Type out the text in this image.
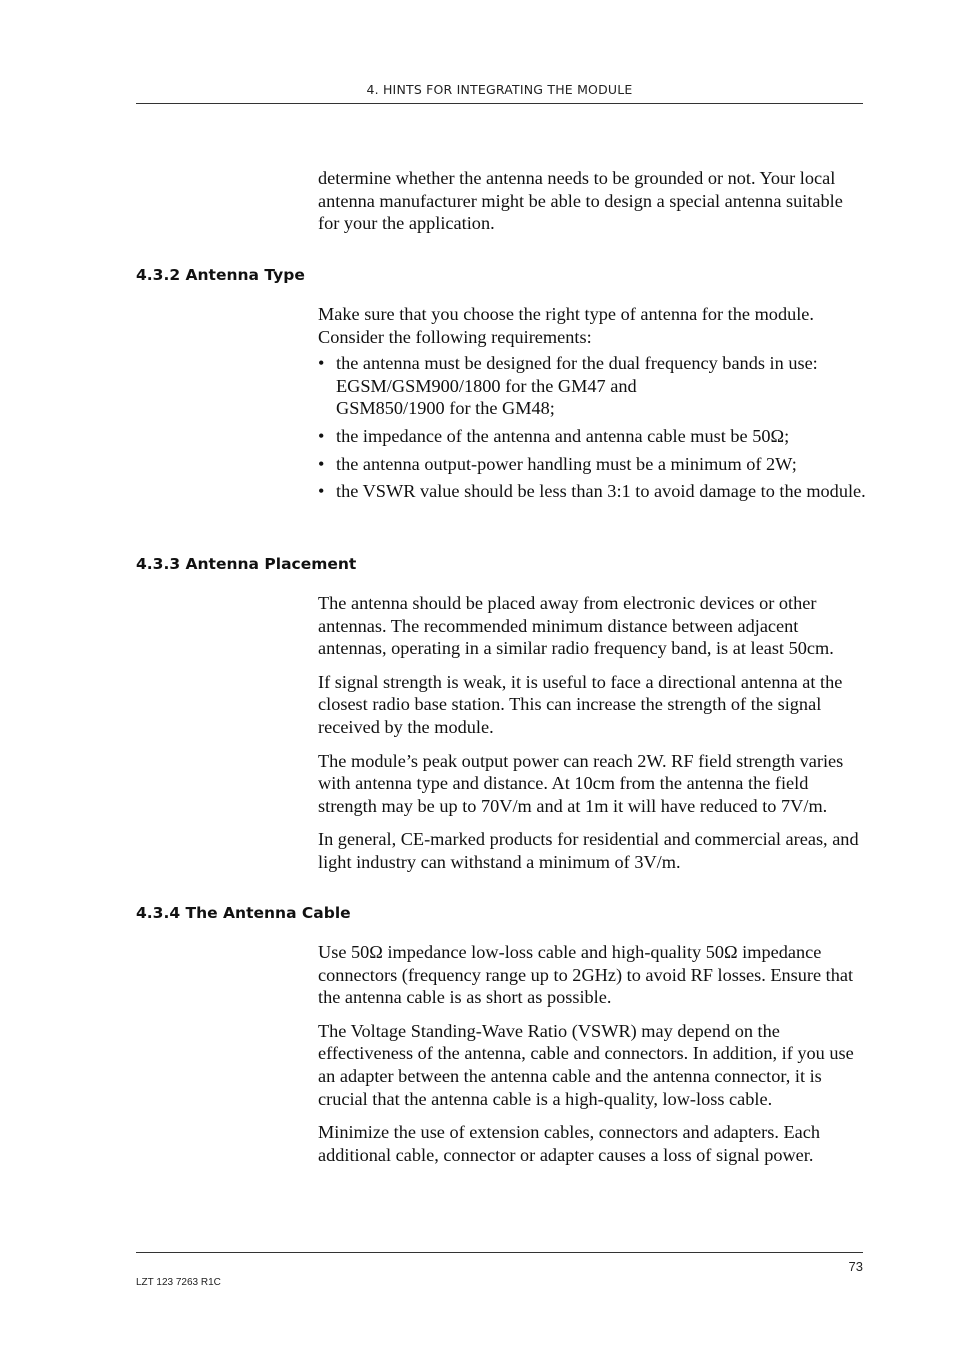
4. HINTS FOR INTEGRATING THE MODULE

determine whether the antenna needs to be grounded or not. Your local antenna manufacturer might be able to design a special antenna suitable for your the application.

4.3.2 Antenna Type

Make sure that you choose the right type of antenna for the module. Consider the following requirements:

• the antenna must be designed for the dual frequency bands in use:
EGSM/GSM900/1800 for the GM47 and
GSM850/1900 for the GM48;
• the impedance of the antenna and antenna cable must be 50Ω;
• the antenna output-power handling must be a minimum of 2W;
• the VSWR value should be less than 3:1 to avoid damage to the module.
4.3.3 Antenna Placement

The antenna should be placed away from electronic devices or other antennas. The recommended minimum distance between adjacent antennas, operating in a similar radio frequency band, is at least 50cm.

If signal strength is weak, it is useful to face a directional antenna at the closest radio base station. This can increase the strength of the signal received by the module.

The module’s peak output power can reach 2W. RF field strength varies with antenna type and distance. At 10cm from the antenna the field strength may be up to 70V/m and at 1m it will have reduced to 7V/m.

In general, CE-marked products for residential and commercial areas, and light industry can withstand a minimum of 3V/m.

4.3.4 The Antenna Cable

Use 50Ω impedance low-loss cable and high-quality 50Ω impedance connectors (frequency range up to 2GHz) to avoid RF losses. Ensure that the antenna cable is as short as possible.

The Voltage Standing-Wave Ratio (VSWR) may depend on the effectiveness of the antenna, cable and connectors. In addition, if you use an adapter between the antenna cable and the antenna connector, it is crucial that the antenna cable is a high-quality, low-loss cable.

Minimize the use of extension cables, connectors and adapters. Each additional cable, connector or adapter causes a loss of signal power.

73
LZT 123 7263 R1C
